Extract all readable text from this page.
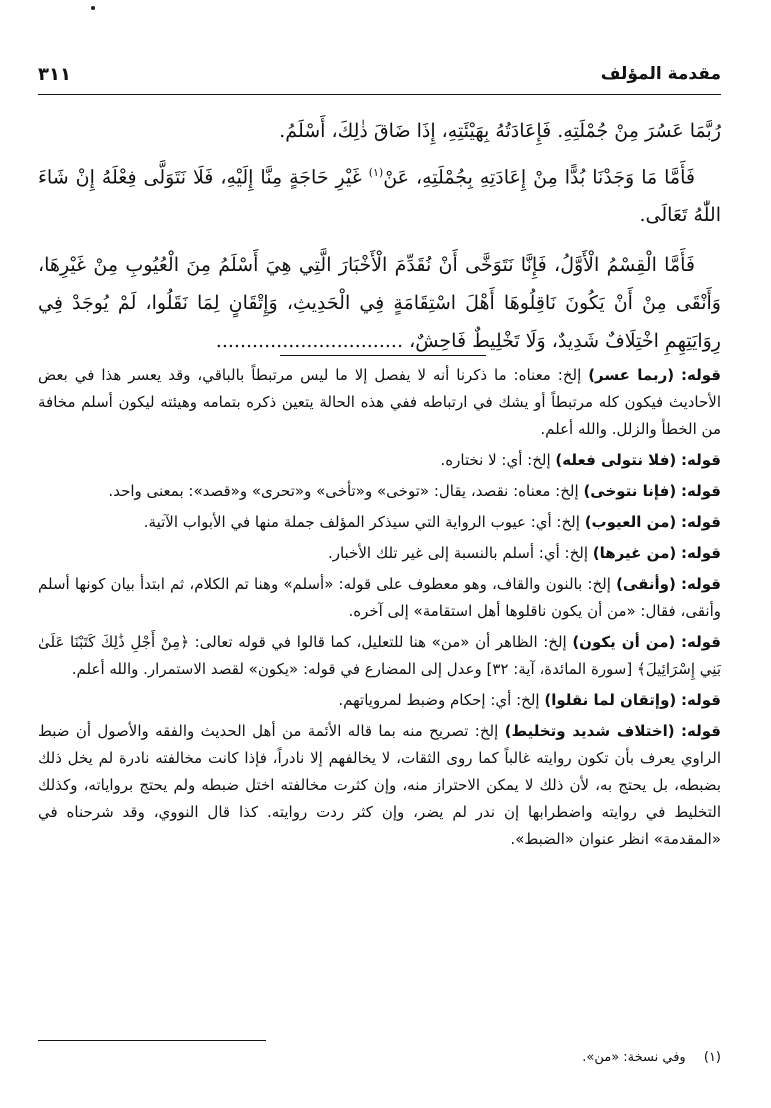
مقدمة المؤلف
٣١١

رُبَّمَا عَسُرَ مِنْ جُمْلَتِهِ. فَإِعَادَتُهُ بِهَيْئَتِهِ، إِذَا ضَاقَ ذٰلِكَ، أَسْلَمُ.

فَأَمَّا مَا وَجَدْنَا بُدًّا مِنْ إِعَادَتِهِ بِجُمْلَتِهِ، عَنْ$^{(١)}$ غَيْرِ حَاجَةٍ مِنَّا إِلَيْهِ، فَلَا نَتَوَلَّى فِعْلَهُ إِنْ شَاءَ اللّٰهُ تَعَالَى.

فَأَمَّا الْقِسْمُ الْأَوَّلُ، فَإِنَّا نَتَوَخَّى أَنْ نُقَدِّمَ الْأَخْبَارَ الَّتِي هِيَ أَسْلَمُ مِنَ الْعُيُوبِ مِنْ غَيْرِهَا، وَأَنْقَى مِنْ أَنْ يَكُونَ نَاقِلُوهَا أَهْلَ اسْتِقَامَةٍ فِي الْحَدِيثِ، وَإِتْقَانٍ لِمَا نَقَلُوا، لَمْ يُوجَدْ فِي رِوَايَتِهِمِ اخْتِلَافٌ شَدِيدٌ، وَلَا تَخْلِيطٌ فَاحِشٌ، ...............................

قوله: (ربما عسر) إلخ: معناه: ما ذكرنا أنه لا يفصل إلا ما ليس مرتبطاً بالباقي، وقد يعسر هذا في بعض الأحاديث فيكون كله مرتبطاً أو يشك في ارتباطه ففي هذه الحالة يتعين ذكره بتمامه وهيئته ليكون أسلم مخافة من الخطأ والزلل. والله أعلم.

قوله: (فلا نتولى فعله) إلخ: أي: لا نختاره.

قوله: (فإنا نتوخى) إلخ: معناه: نقصد، يقال: «توخى» و«تأخى» و«تحرى» و«قصد»: بمعنى واحد.

قوله: (من العيوب) إلخ: أي: عيوب الرواية التي سيذكر المؤلف جملة منها في الأبواب الآتية.

قوله: (من غيرها) إلخ: أي: أسلم بالنسبة إلى غير تلك الأخبار.

قوله: (وأنقى) إلخ: بالنون والقاف، وهو معطوف على قوله: «أسلم» وهنا تم الكلام، ثم ابتدأ بيان كونها أسلم وأنقى، فقال: «من أن يكون ناقلوها أهل استقامة» إلى آخره.

قوله: (من أن يكون) إلخ: الظاهر أن «من» هنا للتعليل، كما قالوا في قوله تعالى: ﴿مِنْ أَجْلِ ذَٰلِكَ كَتَبْنَا عَلَىٰ بَنِي إِسْرَائِيلَ﴾ [سورة المائدة، آية: ٣٢] وعدل إلى المضارع في قوله: «يكون» لقصد الاستمرار. والله أعلم.

قوله: (وإتقان لما نقلوا) إلخ: أي: إحكام وضبط لمروياتهم.

قوله: (اختلاف شديد وتخليط) إلخ: تصريح منه بما قاله الأئمة من أهل الحديث والفقه والأصول أن ضبط الراوي يعرف بأن تكون روايته غالباً كما روى الثقات، لا يخالفهم إلا نادراً، فإذا كانت مخالفته نادرة لم يخل ذلك بضبطه، بل يحتج به، لأن ذلك لا يمكن الاحتراز منه، وإن كثرت مخالفته اختل ضبطه ولم يحتج برواياته، وكذلك التخليط في روايته واضطرابها إن ندر لم يضر، وإن كثر ردت روايته. كذا قال النووي، وقد شرحناه في «المقدمة» انظر عنوان «الضبط».

(١) وفي نسخة: «من».
